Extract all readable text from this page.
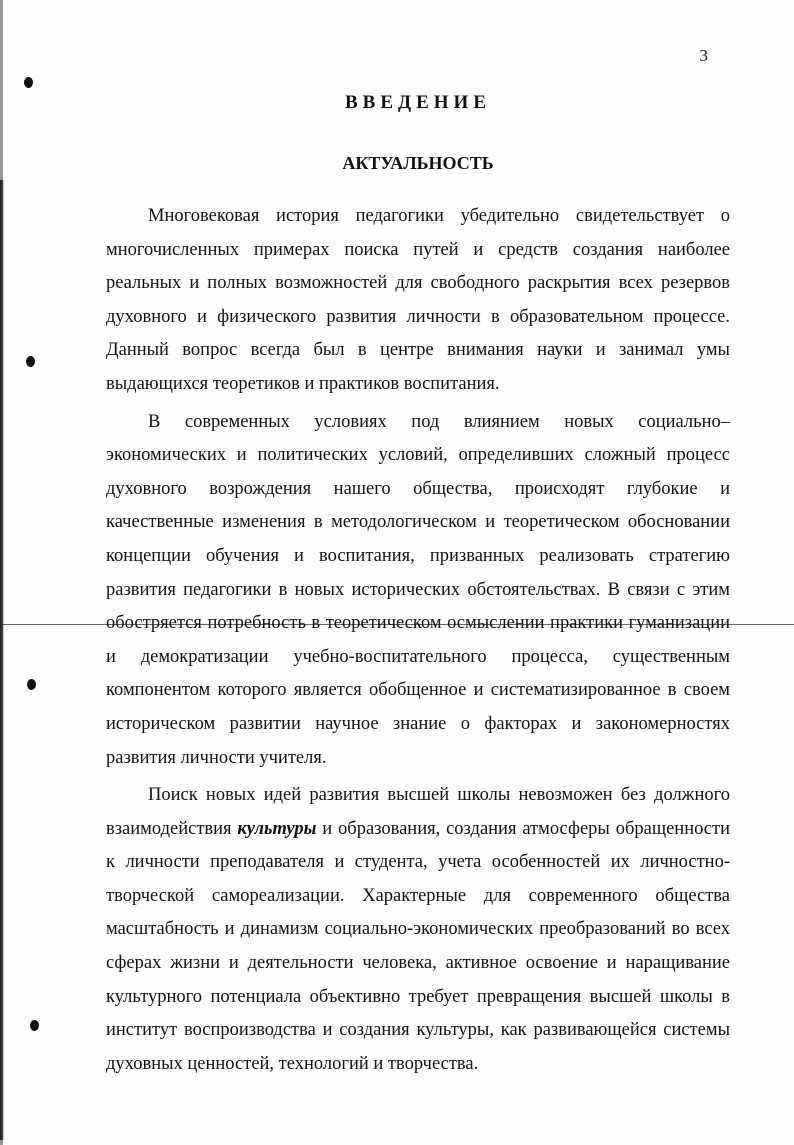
3
ВВЕДЕНИЕ
АКТУАЛЬНОСТЬ

Многовековая история педагогики убедительно свидетельствует о многочисленных примерах поиска путей и средств создания наиболее реальных и полных возможностей для свободного раскрытия всех резервов духовного и физического развития личности в образовательном процессе. Данный вопрос всегда был в центре внимания науки и занимал умы выдающихся теоретиков и практиков воспитания.

В современных условиях под влиянием новых социально–экономических и политических условий, определивших сложный процесс духовного возрождения нашего общества, происходят глубокие и качественные изменения в методологическом и теоретическом обосновании концепции обучения и воспитания, призванных реализовать стратегию развития педагогики в новых исторических обстоятельствах. В связи с этим обостряется потребность в теоретическом осмыслении практики гуманизации и демократизации учебно-воспитательного процесса, существенным компонентом которого является обобщенное и систематизированное в своем историческом развитии научное знание о факторах и закономерностях развития личности учителя.

Поиск новых идей развития высшей школы невозможен без должного взаимодействия культуры и образования, создания атмосферы обращенности к личности преподавателя и студента, учета особенностей их личностно-творческой самореализации. Характерные для современного общества масштабность и динамизм социально-экономических преобразований во всех сферах жизни и деятельности человека, активное освоение и наращивание культурного потенциала объективно требует превращения высшей школы в институт воспроизводства и создания культуры, как развивающейся системы духовных ценностей, технологий и творчества.
